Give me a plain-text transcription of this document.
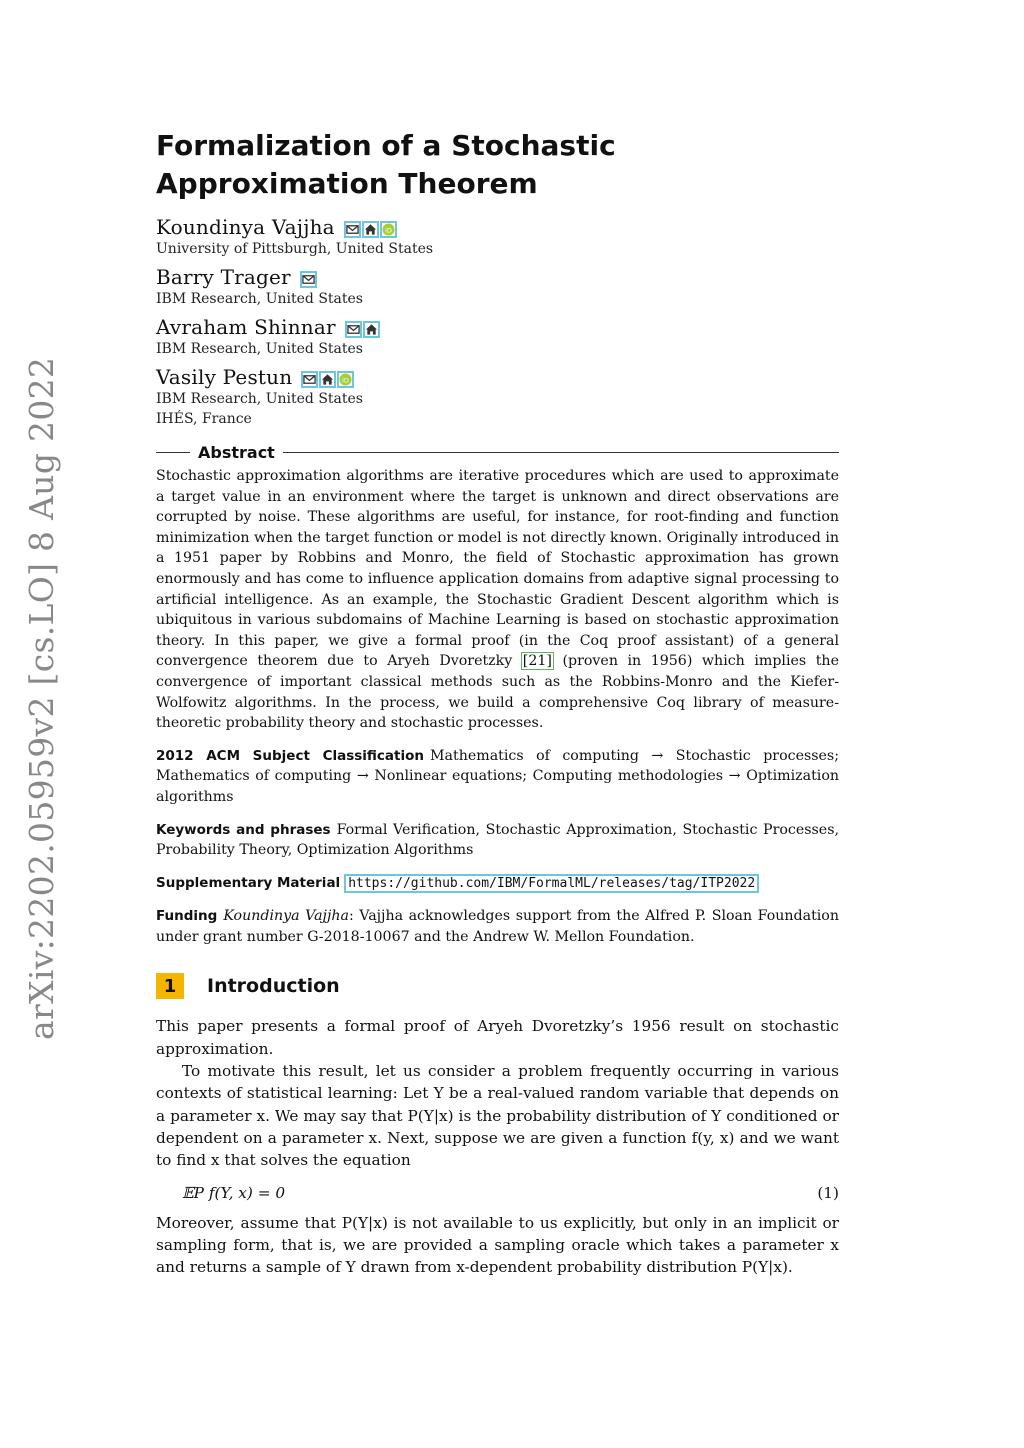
arXiv:2202.05959v2 [cs.LO] 8 Aug 2022
Formalization of a Stochastic Approximation Theorem
Koundinya Vajjha	iD
University of Pittsburgh, United States
Barry Trager
IBM Research, United States
Avraham Shinnar
IBM Research, United States
Vasily Pestun	iD
IBM Research, United States
IHÉS, France
Abstract
Stochastic approximation algorithms are iterative procedures which are used to approximate a target value in an environment where the target is unknown and direct observations are corrupted by noise. These algorithms are useful, for instance, for root-finding and function minimization when the target function or model is not directly known. Originally introduced in a 1951 paper by Robbins and Monro, the field of Stochastic approximation has grown enormously and has come to influence application domains from adaptive signal processing to artificial intelligence. As an example, the Stochastic Gradient Descent algorithm which is ubiquitous in various subdomains of Machine Learning is based on stochastic approximation theory. In this paper, we give a formal proof (in the Coq proof assistant) of a general convergence theorem due to Aryeh Dvoretzky [21] (proven in 1956) which implies the convergence of important classical methods such as the Robbins-Monro and the Kiefer-Wolfowitz algorithms. In the process, we build a comprehensive Coq library of measure-theoretic probability theory and stochastic processes.
2012 ACM Subject Classification Mathematics of computing → Stochastic processes; Mathematics of computing → Nonlinear equations; Computing methodologies → Optimization algorithms
Keywords and phrases Formal Verification, Stochastic Approximation, Stochastic Processes, Probability Theory, Optimization Algorithms
Supplementary Material https://github.com/IBM/FormalML/releases/tag/ITP2022
Funding Koundinya Vajjha: Vajjha acknowledges support from the Alfred P. Sloan Foundation under grant number G-2018-10067 and the Andrew W. Mellon Foundation.
1	Introduction
This paper presents a formal proof of Aryeh Dvoretzky’s 1956 result on stochastic approximation.
To motivate this result, let us consider a problem frequently occurring in various contexts of statistical learning: Let Y be a real-valued random variable that depends on a parameter x. We may say that P(Y|x) is the probability distribution of Y conditioned or dependent on a parameter x. Next, suppose we are given a function f(y, x) and we want to find x that solves the equation
𝔼P f(Y, x) = 0	(1)
Moreover, assume that P(Y|x) is not available to us explicitly, but only in an implicit or sampling form, that is, we are provided a sampling oracle which takes a parameter x and returns a sample of Y drawn from x-dependent probability distribution P(Y|x).
